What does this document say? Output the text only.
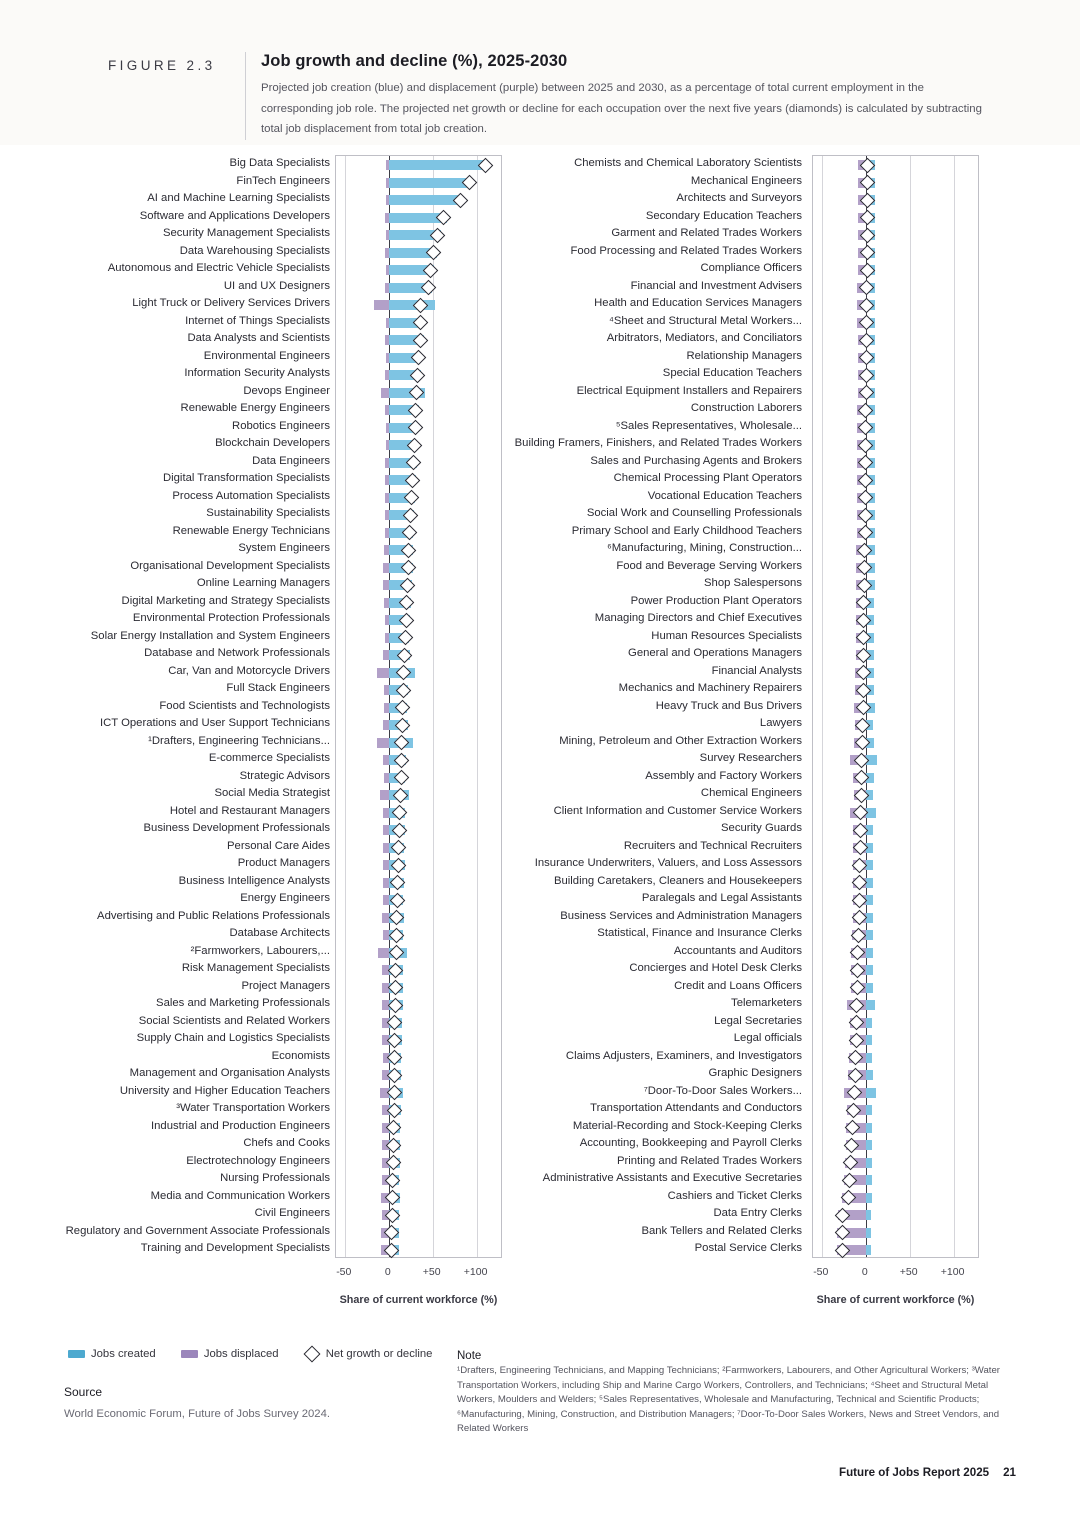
FIGURE 2.3	Job growth and decline (%), 2025-2030
Projected job creation (blue) and displacement (purple) between 2025 and 2030, as a percentage of total current employment in the corresponding job role. The projected net growth or decline for each occupation over the next five years (diamonds) is calculated by subtracting total job displacement from total job creation.
Big Data Specialists
FinTech Engineers
AI and Machine Learning Specialists
Software and Applications Developers
Security Management Specialists
Data Warehousing Specialists
Autonomous and Electric Vehicle Specialists
UI and UX Designers
Light Truck or Delivery Services Drivers
Internet of Things Specialists
Data Analysts and Scientists
Environmental Engineers
Information Security Analysts
Devops Engineer
Renewable Energy Engineers
Robotics Engineers
Blockchain Developers
Data Engineers
Digital Transformation Specialists
Process Automation Specialists
Sustainability Specialists
Renewable Energy Technicians
System Engineers
Organisational Development Specialists
Online Learning Managers
Digital Marketing and Strategy Specialists
Environmental Protection Professionals
Solar Energy Installation and System Engineers
Database and Network Professionals
Car, Van and Motorcycle Drivers
Full Stack Engineers
Food Scientists and Technologists
ICT Operations and User Support Technicians
¹Drafters, Engineering Technicians...
E-commerce Specialists
Strategic Advisors
Social Media Strategist
Hotel and Restaurant Managers
Business Development Professionals
Personal Care Aides
Product Managers
Business Intelligence Analysts
Energy Engineers
Advertising and Public Relations Professionals
Database Architects
²Farmworkers, Labourers,...
Risk Management Specialists
Project Managers
Sales and Marketing Professionals
Social Scientists and Related Workers
Supply Chain and Logistics Specialists
Economists
Management and Organisation Analysts
University and Higher Education Teachers
³Water Transportation Workers
Industrial and Production Engineers
Chefs and Cooks
Electrotechnology Engineers
Nursing Professionals
Media and Communication Workers
Civil Engineers
Regulatory and Government Associate Professionals
Training and Development Specialists
-50	0	+50 +100
Share of current workforce (%)
Chemists and Chemical Laboratory Scientists
Mechanical Engineers
Architects and Surveyors
Secondary Education Teachers
Garment and Related Trades Workers
Food Processing and Related Trades Workers
Compliance Officers
Financial and Investment Advisers
Health and Education Services Managers
⁴Sheet and Structural Metal Workers...
Arbitrators, Mediators, and Conciliators
Relationship Managers
Special Education Teachers
Electrical Equipment Installers and Repairers
Construction Laborers
⁵Sales Representatives, Wholesale...
Building Framers, Finishers, and Related Trades Workers
Sales and Purchasing Agents and Brokers
Chemical Processing Plant Operators
Vocational Education Teachers
Social Work and Counselling Professionals
Primary School and Early Childhood Teachers
⁶Manufacturing, Mining, Construction...
Food and Beverage Serving Workers
Shop Salespersons
Power Production Plant Operators
Managing Directors and Chief Executives
Human Resources Specialists
General and Operations Managers
Financial Analysts
Mechanics and Machinery Repairers
Heavy Truck and Bus Drivers
Lawyers
Mining, Petroleum and Other Extraction Workers
Survey Researchers
Assembly and Factory Workers
Chemical Engineers
Client Information and Customer Service Workers
Security Guards
Recruiters and Technical Recruiters
Insurance Underwriters, Valuers, and Loss Assessors
Building Caretakers, Cleaners and Housekeepers
Paralegals and Legal Assistants
Business Services and Administration Managers
Statistical, Finance and Insurance Clerks
Accountants and Auditors
Concierges and Hotel Desk Clerks
Credit and Loans Officers
Telemarketers
Legal Secretaries
Legal officials
Claims Adjusters, Examiners, and Investigators
Graphic Designers
⁷Door-To-Door Sales Workers...
Transportation Attendants and Conductors
Material-Recording and Stock-Keeping Clerks
Accounting, Bookkeeping and Payroll Clerks
Printing and Related Trades Workers
Administrative Assistants and Executive Secretaries
Cashiers and Ticket Clerks
Data Entry Clerks
Bank Tellers and Related Clerks
Postal Service Clerks
-50	0	+50 +100
Share of current workforce (%)
Jobs created	Jobs displaced	Net growth or decline
Source
World Economic Forum, Future of Jobs Survey 2024.
Note
¹Drafters, Engineering Technicians, and Mapping Technicians; ²Farmworkers, Labourers, and Other Agricultural Workers; ³Water Transportation Workers, including Ship and Marine Cargo Workers, Controllers, and Technicians; ⁴Sheet and Structural Metal Workers, Moulders and Welders; ⁵Sales Representatives, Wholesale and Manufacturing, Technical and Scientific Products; ⁶Manufacturing, Mining, Construction, and Distribution Managers; ⁷Door-To-Door Sales Workers, News and Street Vendors, and Related Workers
Future of Jobs Report 2025 21
